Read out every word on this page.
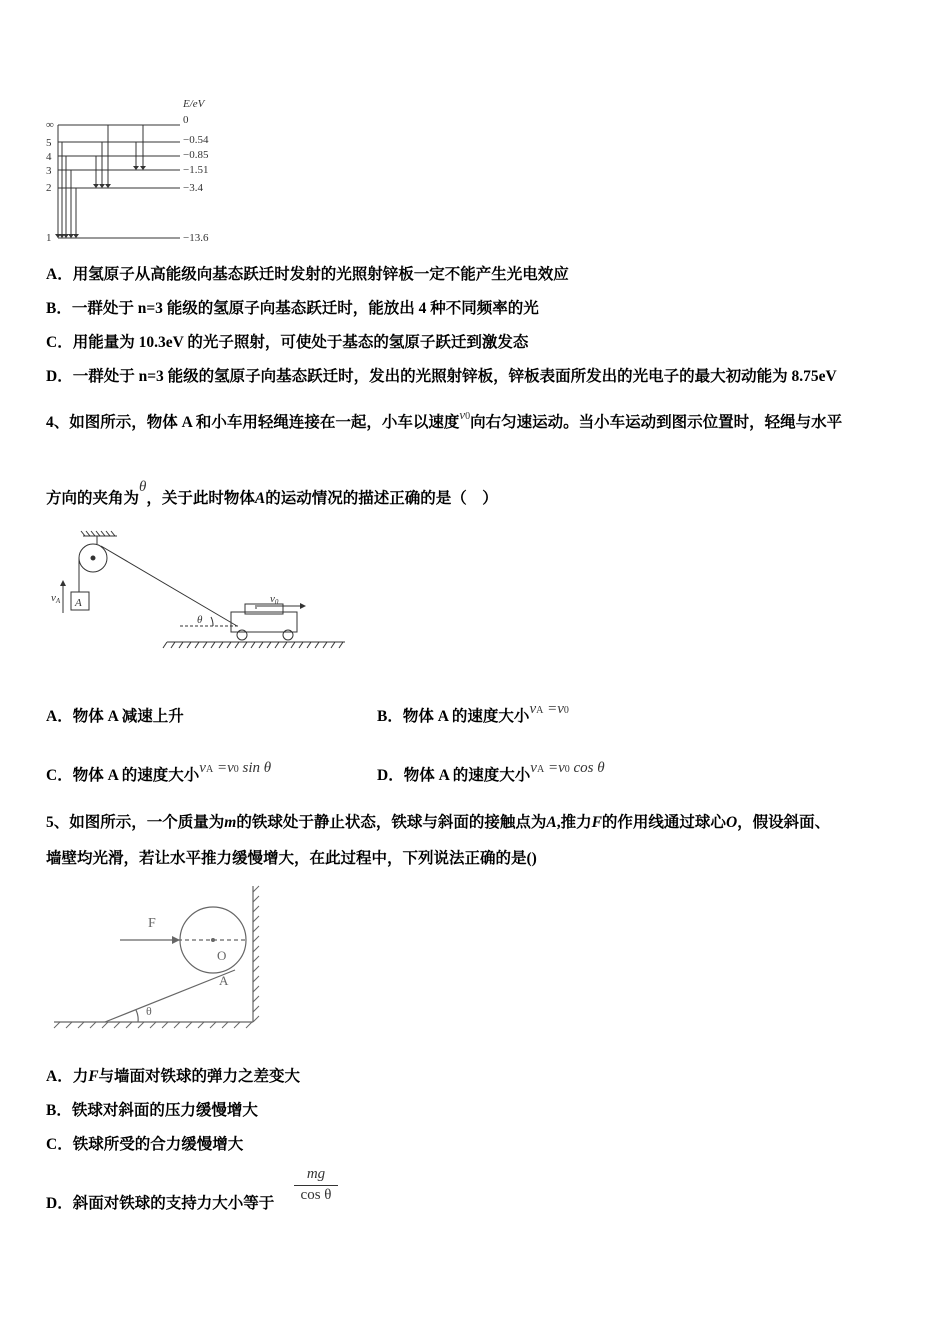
E/eV
∞
5
4
3
2
1
0
−0.54
−0.85
−1.51
−3.4
−13.6
A．用氢原子从高能级向基态跃迁时发射的光照射锌板一定不能产生光电效应
B．一群处于 n=3 能级的氢原子向基态跃迁时，能放出 4 种不同频率的光
C．用能量为 10.3eV 的光子照射，可使处于基态的氢原子跃迁到激发态
D．一群处于 n=3 能级的氢原子向基态跃迁时，发出的光照射锌板，锌板表面所发出的光电子的最大初动能为 8.75eV
4、如图所示，物体 A 和小车用轻绳连接在一起，小车以速度$^{v0}$向右匀速运动。当小车运动到图示位置时，轻绳与水平
方向的夹角为θ，关于此时物体A的运动情况的描述正确的是（　）
vA A
θ
v0
A．物体 A 减速上升	B．物体 A 的速度大小vA =v0
C．物体 A 的速度大小vA =v0 sin θ	D．物体 A 的速度大小vA =v0 cos θ
5、如图所示，一个质量为m的铁球处于静止状态，铁球与斜面的接触点为A,推力F的作用线通过球心O，假设斜面、
墙壁均光滑，若让水平推力缓慢增大，在此过程中，下列说法正确的是()
F
O
A
θ
A．力F与墙面对铁球的弹力之差变大
B．铁球对斜面的压力缓慢增大
C．铁球所受的合力缓慢增大
D．斜面对铁球的支持力大小等于 $\frac{mg}{\text{cos θ}}$
